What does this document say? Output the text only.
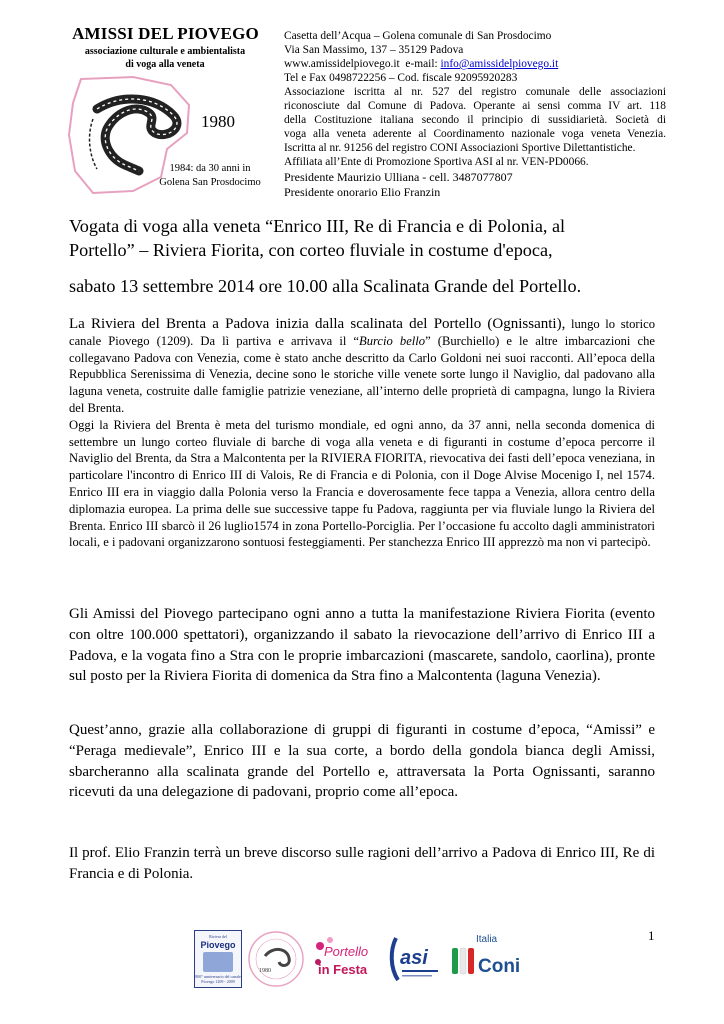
AMISSI DEL PIOVEGO
associazione culturale e ambientalista
di voga alla veneta
1980
1984: da 30 anni in
Golena San Prosdocimo
Casetta dell’Acqua – Golena comunale di San Prosdocimo
Via San Massimo, 137 – 35129 Padova
www.amissidelpiovego.it e-mail: info@amissidelpiovego.it
Tel e Fax 0498722256 – Cod. fiscale 92095920283
Associazione iscritta al nr. 527 del registro comunale delle associazioni
riconosciute dal Comune di Padova. Operante ai sensi comma IV art. 118
della Costituzione italiana secondo il principio di sussidiarietà. Società di
voga alla veneta aderente al Coordinamento nazionale voga veneta Venezia.
Iscritta al nr. 91256 del registro CONI Associazioni Sportive Dilettantistiche.
Affiliata all’Ente di Promozione Sportiva ASI al nr. VEN-PD0066.
Presidente Maurizio Ulliana - cell. 3487077807
Presidente onorario Elio Franzin
Vogata di voga alla veneta “Enrico III, Re di Francia e di Polonia, al
Portello” – Riviera Fiorita, con corteo fluviale in costume d'epoca,
sabato 13 settembre 2014 ore 10.00 alla Scalinata Grande del Portello.
La Riviera del Brenta a Padova inizia dalla scalinata del Portello (Ognissanti), lungo lo storico canale Piovego (1209). Da lì partiva e arrivava il “Burcio bello” (Burchiello) e le altre imbarcazioni che collegavano Padova con Venezia, come è stato anche descritto da Carlo Goldoni nei suoi racconti. All’epoca della Repubblica Serenissima di Venezia, decine sono le storiche ville venete sorte lungo il Naviglio, dal padovano alla laguna veneta, costruite dalle famiglie patrizie veneziane, all’interno delle proprietà di campagna, lungo la Riviera del Brenta.
Oggi la Riviera del Brenta è meta del turismo mondiale, ed ogni anno, da 37 anni, nella seconda domenica di settembre un lungo corteo fluviale di barche di voga alla veneta e di figuranti in costume d’epoca percorre il Naviglio del Brenta, da Stra a Malcontenta per la RIVIERA FIORITA, rievocativa dei fasti dell’epoca veneziana, in particolare l'incontro di Enrico III di Valois, Re di Francia e di Polonia, con il Doge Alvise Mocenigo I, nel 1574. Enrico III era in viaggio dalla Polonia verso la Francia e doverosamente fece tappa a Venezia, allora centro della diplomazia europea. La prima delle sue successive tappe fu Padova, raggiunta per via fluviale lungo la Riviera del Brenta. Enrico III sbarcò il 26 luglio1574 in zona Portello-Porciglia. Per l’occasione fu accolto dagli amministratori locali, e i padovani organizzarono sontuosi festeggiamenti. Per stanchezza Enrico III apprezzò ma non vi partecipò.
Gli Amissi del Piovego partecipano ogni anno a tutta la manifestazione Riviera Fiorita (evento con oltre 100.000 spettatori), organizzando il sabato la rievocazione dell’arrivo di Enrico III a Padova, e la vogata fino a Stra con le proprie imbarcazioni (mascarete, sandolo, caorlina), pronte sul posto per la Riviera Fiorita di domenica da Stra fino a Malcontenta (laguna Venezia).
Quest’anno, grazie alla collaborazione di gruppi di figuranti in costume d’epoca, “Amissi” e “Peraga medievale”, Enrico III e la sua corte, a bordo della gondola bianca degli Amissi, sbarcheranno alla scalinata grande del Portello e, attraversata la Porta Ognissanti, saranno ricevuti da una delegazione di padovani, proprio come all’epoca.
Il prof. Elio Franzin terrà un breve discorso sulle ragioni dell’arrivo a Padova di Enrico III, Re di Francia e di Polonia.
1
Riviera del
Piovego
800° anniversario del canale Piovego 1209 - 2009
1980
Portello
in Festa
asi
Italia
Coni
